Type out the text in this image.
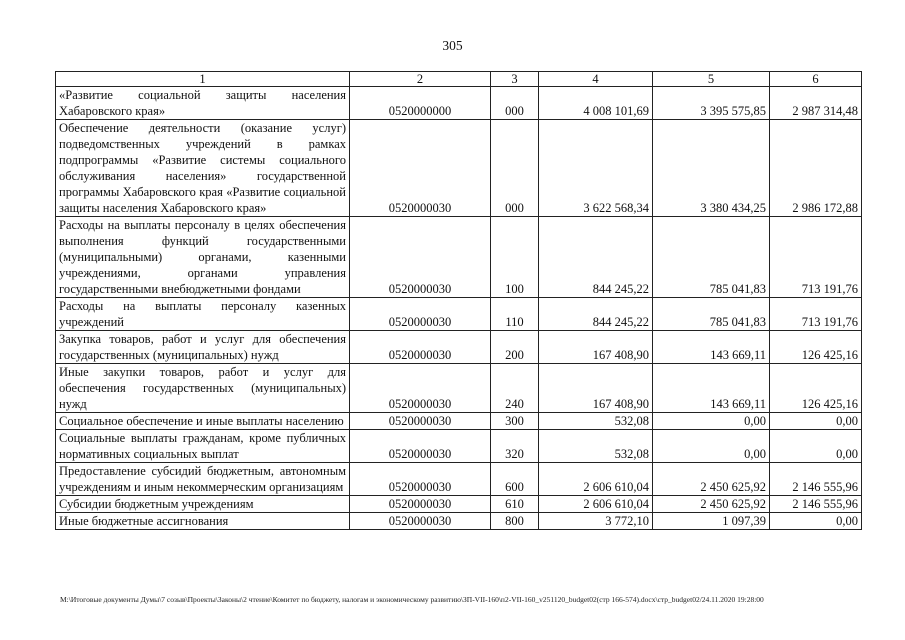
305
1	2	3	4	5	6
«Развитие социальной защиты населения Хабаровского края»	0520000000	000	4 008 101,69	3 395 575,85	2 987 314,48
Обеспечение деятельности (оказание услуг) подведомственных учреждений в рамках подпрограммы «Развитие системы социального обслуживания населения» государственной программы Хабаровского края «Развитие социальной защиты населения Хабаровского края»	0520000030	000	3 622 568,34	3 380 434,25	2 986 172,88
Расходы на выплаты персоналу в целях обеспечения выполнения функций государственными (муниципальными) органами, казенными учреждениями, органами управления государственными внебюджетными фондами	0520000030	100	844 245,22	785 041,83	713 191,76
Расходы на выплаты персоналу казенных учреждений	0520000030	110	844 245,22	785 041,83	713 191,76
Закупка товаров, работ и услуг для обеспечения государственных (муниципальных) нужд	0520000030	200	167 408,90	143 669,11	126 425,16
Иные закупки товаров, работ и услуг для обеспечения государственных (муниципальных) нужд	0520000030	240	167 408,90	143 669,11	126 425,16
Социальное обеспечение и иные выплаты населению	0520000030	300	532,08	0,00	0,00
Социальные выплаты гражданам, кроме публичных нормативных социальных выплат	0520000030	320	532,08	0,00	0,00
Предоставление субсидий бюджетным, автономным учреждениям и иным некоммерческим организациям	0520000030	600	2 606 610,04	2 450 625,92	2 146 555,96
Субсидии бюджетным учреждениям	0520000030	610	2 606 610,04	2 450 625,92	2 146 555,96
Иные бюджетные ассигнования	0520000030	800	3 772,10	1 097,39	0,00
M:\Итоговые документы Думы\7 созыв\Проекты\Законы\2 чтение\Комитет по бюджету, налогам и экономическому развитию\ЗП-VII-160\п2-VII-160_v251120_budget02(стр 166-574).docx\стр_budget02/24.11.2020 19:28:00
